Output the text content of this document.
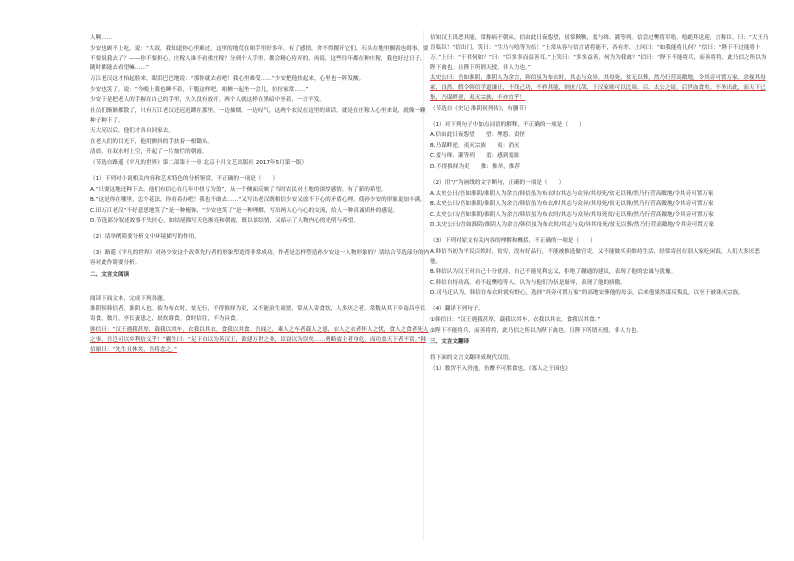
人啊……

少安也顾不上吃，说：“大叔，我知道你心里难过。这里的地荒在咱手里好多年，有了感情，舍不得撂开它们。石头在地里搁着也碍事，要不要说我去了？——你不要担心，庄稼人谁不看重庄稼？分到个人手里，都会精心侍弄的。再说，这些往年都在种庄稼，我也好过日子，随时都能去看望嘛……”

万江老汉这才抬起脸来，眼泪巴巴地说：“那你就去看吧！我心里难受……”少安把他扶起来，心里也一阵发酸。

少安也笑了，说：“今晚上我也睡不着，干脆这样吧，咱俩一起坐一会儿，拉拉家常……”

少安于是把老人的手握在自己的手里，久久没有放开。两个人就这样在黑暗中坐着，一言不发。

社员们渐渐都散了，只有万江老汉还迟迟蹲在那里，一边抽烟，一边叹气。这两个农民在这里的谈话，就是在庄稼人心里来说，就像一颗种子种下了。

天大亮以后，他们才各自回家去。

在老人们的目光下，他用颤抖的手扶着一根锄头。

清晨，在双水村上空，升起了一片灿烂的朝霞。

（节选自路遥《平凡的世界》第二部第十一章 北京十月文艺出版社 2017年5月第一版）

（1）下列对小说相关内容和艺术特色的分析鉴赏，不正确的一项是（　　）

A.“只要这地还种下去，他们有信心在几年中扭亏为盈”，从一个侧面反映了当时农民对土地的深厚感情，有了新的希望。

B.“这是你在哪里，怎个花法，你看着办吧！我也不敢去……”又写出老汉既相信少安又放不下心的矛盾心理，使孙少安的形象更加丰满。

C.田万江老汉“不好意思地笑了”是一种掩饰，“少安也笑了”是一种理解，写出两人心与心的交流，给人一种真诚质朴的感觉。

D.节选部分叙述故事不失匠心，如结尾描写天色渐亮和朝霞，既以景结情，又暗示了人物内心的光明与希望。

（2）请举例简要分析文中环境描写的作用。

（3）路遥《平凡的世界》对孙少安这个改革先行者的形象塑造得非常成功，作者是怎样塑造孙少安这一人物形象的？请结合节选部分的内容对此作简要分析。

二、文言文阅读

阅读下面文本，完成下列各题。

淮阴侯韩信者，淮阴人也。始为布衣时，贫无行，不得推择为吏，又不能治生商贾，常从人寄食饮，人多厌之者。常数从其下乡南昌亭长寄食，数月，亭长妻患之，晨炊蓐食。食时信往，不为具食。

韩信曰：“汉王遇我甚厚，载我以其车，衣我以其衣，食我以其食。吾闻之，乘人之车者载人之患，衣人之衣者怀人之忧，食人之食者死人之事，吾岂可以乡利倍义乎！”蒯生曰：“足下自以为善汉王，欲建万世之业，臣窃以为误矣……勇略震主者身危，而功盖天下者不赏。”韩信谢曰：“先生且休矣，吾将念之。”

信知汉王畏恶其能，常称病不朝从。信由此日夜怨望，居常鞅鞅，羞与绛、灌等列。信尝过樊将军哙，哙跪拜送迎，言称臣，曰：“大王乃肯临臣！”信出门，笑曰：“生乃与哙等为伍！”上常从容与信言诸将能不，各有差。上问曰：“如我能将几何？”信曰：“陛下不过能将十万。”上曰：“于君何如？”曰：“臣多多而益善耳。”上笑曰：“多多益善，何为为我禽？”信曰：“陛下不能将兵，而善将将，此乃信之所以为陛下禽也。且陛下所谓天授，非人力也。”

太史公曰：吾如淮阴，淮阴人为余言，韩信虽为布衣时，其志与众异。其母死，贫无以葬，然乃行营高敞地，令其旁可置万家。余视其母冢，良然。假令韩信学道谦让，不伐己功，不矜其能，则庶几哉，于汉家勋可以比周、召、太公之徒，后世血食矣。不务出此，而天下已集，乃谋畔逆，夷灭宗族，不亦宜乎！

（节选自《史记·淮阴侯列传》，有删节）

（1）对下列句子中加点词语的解释，不正确的一项是（　　）

A.信由此日夜怨望　　望：埋怨，责怪

B.乃谋畔逆，夷灭宗族　　夷：消灭

C.羞与绛、灌等列　　羞：感到羞耻

D.不得推择为吏　　推：推举，推荐

（2）用“/”为画线的文字断句，正确的一项是（　　）

A.太史公曰/吾如淮阴/淮阴人为余言/韩信虽为布衣时/其志与众异/其母死/贫无以葬/然乃行营高敞地/令其旁可置万家

B.太史公曰/吾如淮阴/淮阴人为余言/韩信虽为布衣/时其志与众异/其母死/贫无以葬/然乃行营高敞地/令其旁可置万家

C.太史公曰/吾如淮阴/淮阴人为余言/韩信虽为布衣时/其志与众异/其母死贫/无以葬/然乃行营高敞地/令其旁可置万家

D.太史公曰/吾如淮阴/淮阴人为余言/韩信虽为布衣时/其志与众/异其母死/贫无以葬/然乃行营高敞地/令其旁可置万家

（3）下列对原文有关内容的理解和概括，不正确的一项是（　　）

A.韩信当初为平民百姓时，贫穷，没有好品行，不能被推选做官吏，又不能做买卖维持生活，经常寄居在别人家吃闲饭，人们大多厌恶他。

B.韩信认为汉王对自己十分优待，自己不能见利忘义，拒绝了蒯通的建议，表现了他的忠诚与犹豫。

C.韩信自恃功高，看不起樊哙等人，认为与他们为伍是耻辱，表现了他的骄傲。

D.司马迁认为，韩信在布衣时就有野心，选择“其旁可置万家”的高地安葬他的母亲，后来他果然谋反叛乱，以至于被诛灭宗族。

（4）翻译下列句子。

①韩信曰：“汉王遇我甚厚，载我以其车，衣我以其衣，食我以其食。”

②陛下不能将兵，而善将将，此乃信之所以为陛下禽也。且陛下所谓天授，非人力也。

三、文言文翻译

将下面的文言文翻译成现代汉语。

（1）数罟不入洿池，鱼鳖不可胜食也。《寡人之于国也》
